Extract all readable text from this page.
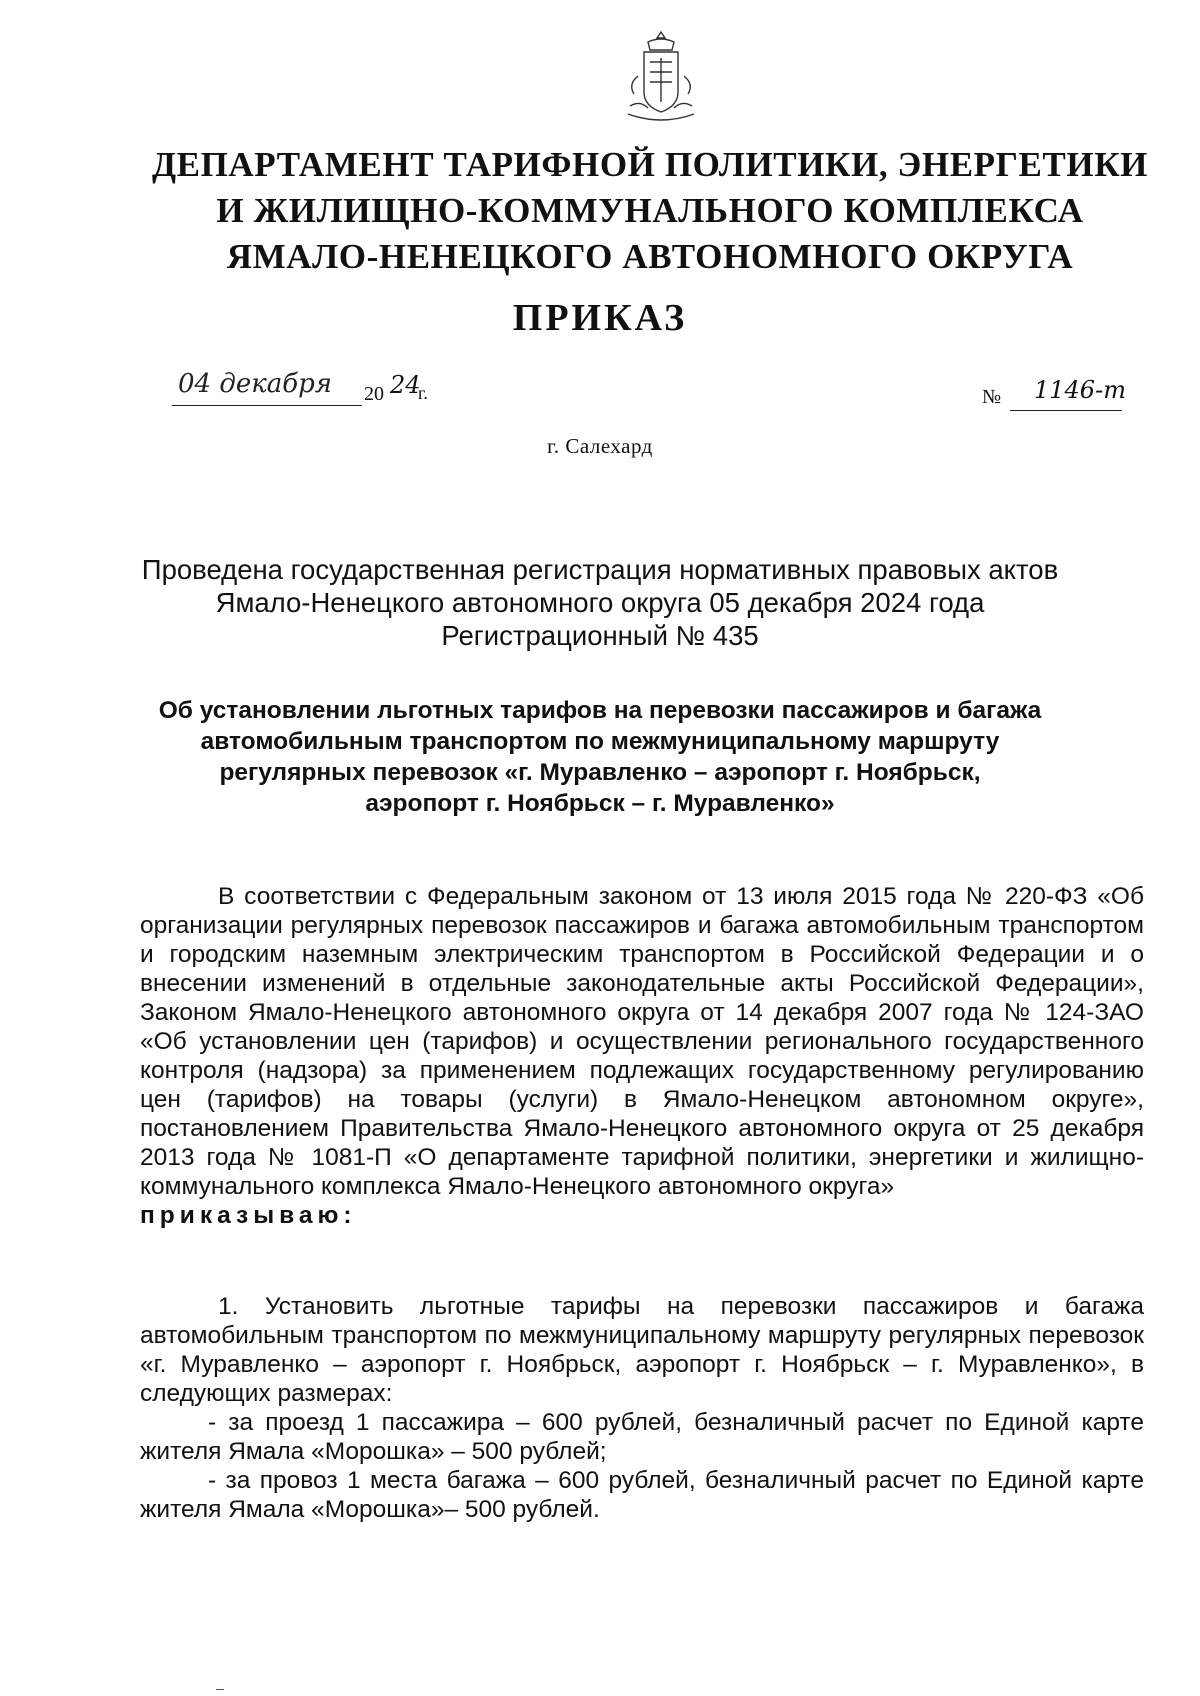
ДЕПАРТАМЕНТ ТАРИФНОЙ ПОЛИТИКИ, ЭНЕРГЕТИКИ
И ЖИЛИЩНО-КОММУНАЛЬНОГО КОМПЛЕКСА
ЯМАЛО-НЕНЕЦКОГО АВТОНОМНОГО ОКРУГА
ПРИКАЗ
04 декабря 20 24
г.	№ 1146-т
г. Салехард
Проведена государственная регистрация нормативных правовых актов
Ямало-Ненецкого автономного округа 05 декабря 2024 года
Регистрационный № 435
Об установлении льготных тарифов на перевозки пассажиров и багажа
автомобильным транспортом по межмуниципальному маршруту
регулярных перевозок «г. Муравленко – аэропорт г. Ноябрьск,
аэропорт г. Ноябрьск – г. Муравленко»
В соответствии с Федеральным законом от 13 июля 2015 года № 220-ФЗ «Об организации регулярных перевозок пассажиров и багажа автомобильным транспортом и городским наземным электрическим транспортом в Российской Федерации и о внесении изменений в отдельные законодательные акты Российской Федерации», Законом Ямало-Ненецкого автономного округа от 14 декабря 2007 года № 124-ЗАО «Об установлении цен (тарифов) и осуществлении регионального государственного контроля (надзора) за применением подлежащих государственному регулированию цен (тарифов) на товары (услуги) в Ямало-Ненецком автономном округе», постановлением Правительства Ямало-Ненецкого автономного округа от 25 декабря 2013 года № 1081-П «О департаменте тарифной политики, энергетики и жилищно-коммунального комплекса Ямало-Ненецкого автономного округа»
приказываю:
1. Установить льготные тарифы на перевозки пассажиров и багажа автомобильным транспортом по межмуниципальному маршруту регулярных перевозок «г. Муравленко – аэропорт г. Ноябрьск, аэропорт г. Ноябрьск – г. Муравленко», в следующих размерах:
- за проезд 1 пассажира – 600 рублей, безналичный расчет по Единой карте жителя Ямала «Морошка» – 500 рублей;
- за провоз 1 места багажа – 600 рублей, безналичный расчет по Единой карте жителя Ямала «Морошка»– 500 рублей.
–
